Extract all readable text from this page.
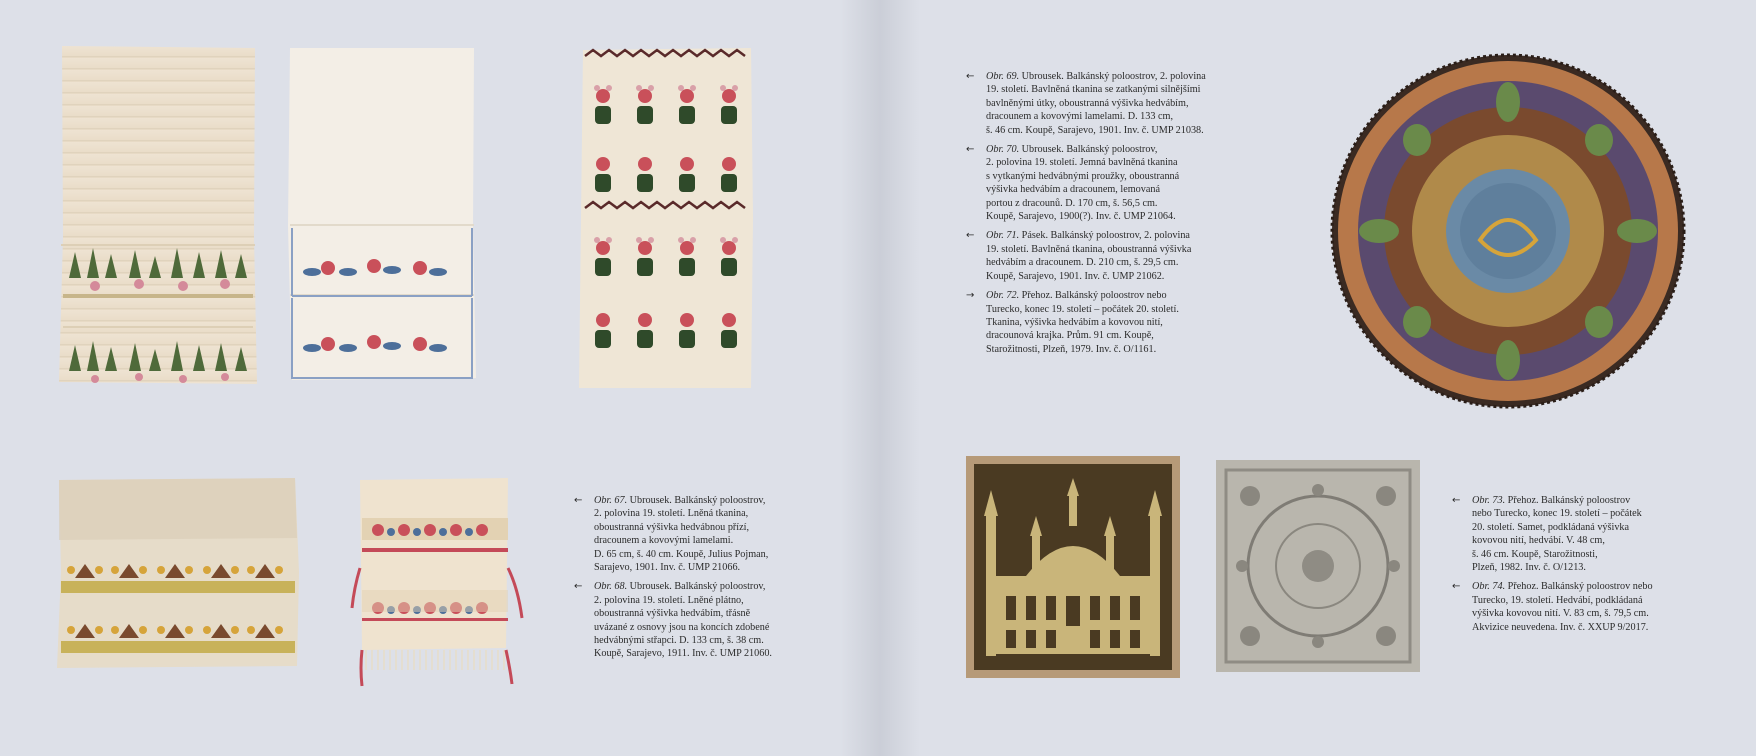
← Obr. 67. Ubrousek. Balkánský poloostrov,
2. polovina 19. století. Lněná tkanina,
oboustranná výšivka hedvábnou přízí,
dracounem a kovovými lamelami.
D. 65 cm, š. 40 cm. Koupě, Julius Pojman,
Sarajevo, 1901. Inv. č. UMP 21066.
← Obr. 68. Ubrousek. Balkánský poloostrov,
2. polovina 19. století. Lněné plátno,
oboustranná výšivka hedvábím, třásně
uvázané z osnovy jsou na koncích zdobené
hedvábnými střapci. D. 133 cm, š. 38 cm.
Koupě, Sarajevo, 1911. Inv. č. UMP 21060.
← Obr. 69. Ubrousek. Balkánský poloostrov, 2. polovina
19. století. Bavlněná tkanina se zatkanými silnějšími
bavlněnými útky, oboustranná výšivka hedvábím,
dracounem a kovovými lamelami. D. 133 cm,
š. 46 cm. Koupě, Sarajevo, 1901. Inv. č. UMP 21038.
← Obr. 70. Ubrousek. Balkánský poloostrov,
2. polovina 19. století. Jemná bavlněná tkanina
s vytkanými hedvábnými proužky, oboustranná
výšivka hedvábím a dracounem, lemovaná
portou z dracounů. D. 170 cm, š. 56,5 cm.
Koupě, Sarajevo, 1900(?). Inv. č. UMP 21064.
← Obr. 71. Pásek. Balkánský poloostrov, 2. polovina
19. století. Bavlněná tkanina, oboustranná výšivka
hedvábím a dracounem. D. 210 cm, š. 29,5 cm.
Koupě, Sarajevo, 1901. Inv. č. UMP 21062.
→ Obr. 72. Přehoz. Balkánský poloostrov nebo
Turecko, konec 19. století – počátek 20. století.
Tkanina, výšivka hedvábím a kovovou nití,
dracounová krajka. Prům. 91 cm. Koupě,
Starožitnosti, Plzeň, 1979. Inv. č. O/1161.
← Obr. 73. Přehoz. Balkánský poloostrov
nebo Turecko, konec 19. století – počátek
20. století. Samet, podkládaná výšivka
kovovou nití, hedvábí. V. 48 cm,
š. 46 cm. Koupě, Starožitnosti,
Plzeň, 1982. Inv. č. O/1213.
← Obr. 74. Přehoz. Balkánský poloostrov nebo
Turecko, 19. století. Hedvábí, podkládaná
výšivka kovovou nití. V. 83 cm, š. 79,5 cm.
Akvizice neuvedena. Inv. č. XXUP 9/2017.
